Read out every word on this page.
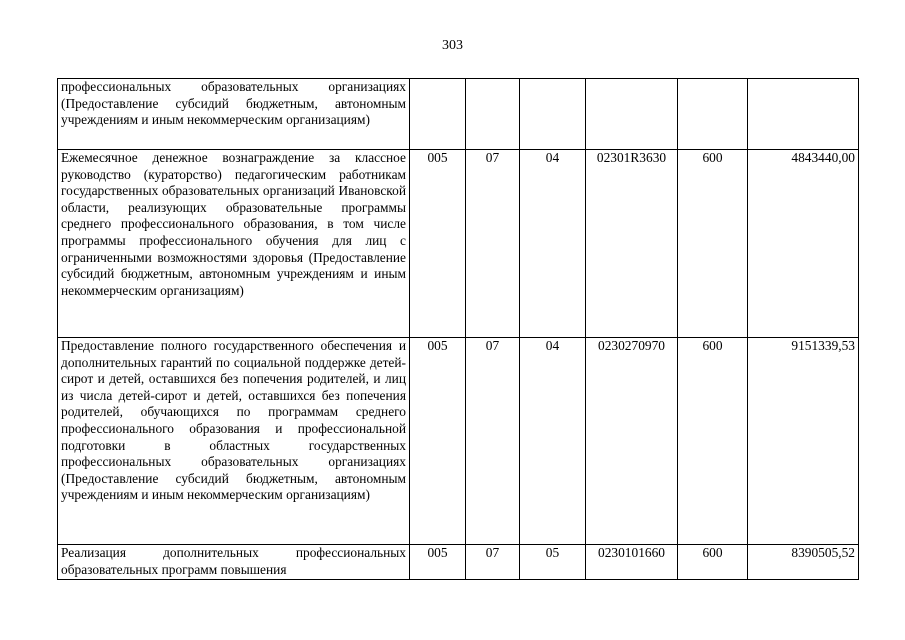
303
профессиональных образовательных организациях (Предоставление субсидий бюджетным, автономным учреждениям и иным некоммерческим организациям)						

Ежемесячное денежное вознаграждение за классное руководство (кураторство) педагогическим работникам государственных образовательных организаций Ивановской области, реализующих образовательные программы среднего профессионального образования, в том числе программы профессионального обучения для лиц с ограниченными возможностями здоровья (Предоставление субсидий бюджетным, автономным учреждениям и иным некоммерческим организациям)	005	07	04	02301R3630	600	4843440,00

Предоставление полного государственного обеспечения и дополнительных гарантий по социальной поддержке детей-сирот и детей, оставшихся без попечения родителей, и лиц из числа детей-сирот и детей, оставшихся без попечения родителей, обучающихся по программам среднего профессионального образования и профессиональной подготовки в областных государственных профессиональных образовательных организациях (Предоставление субсидий бюджетным, автономным учреждениям и иным некоммерческим организациям)	005	07	04	0230270970	600	9151339,53

Реализация дополнительных профессиональных образовательных программ повышения	005	07	05	0230101660	600	8390505,52
